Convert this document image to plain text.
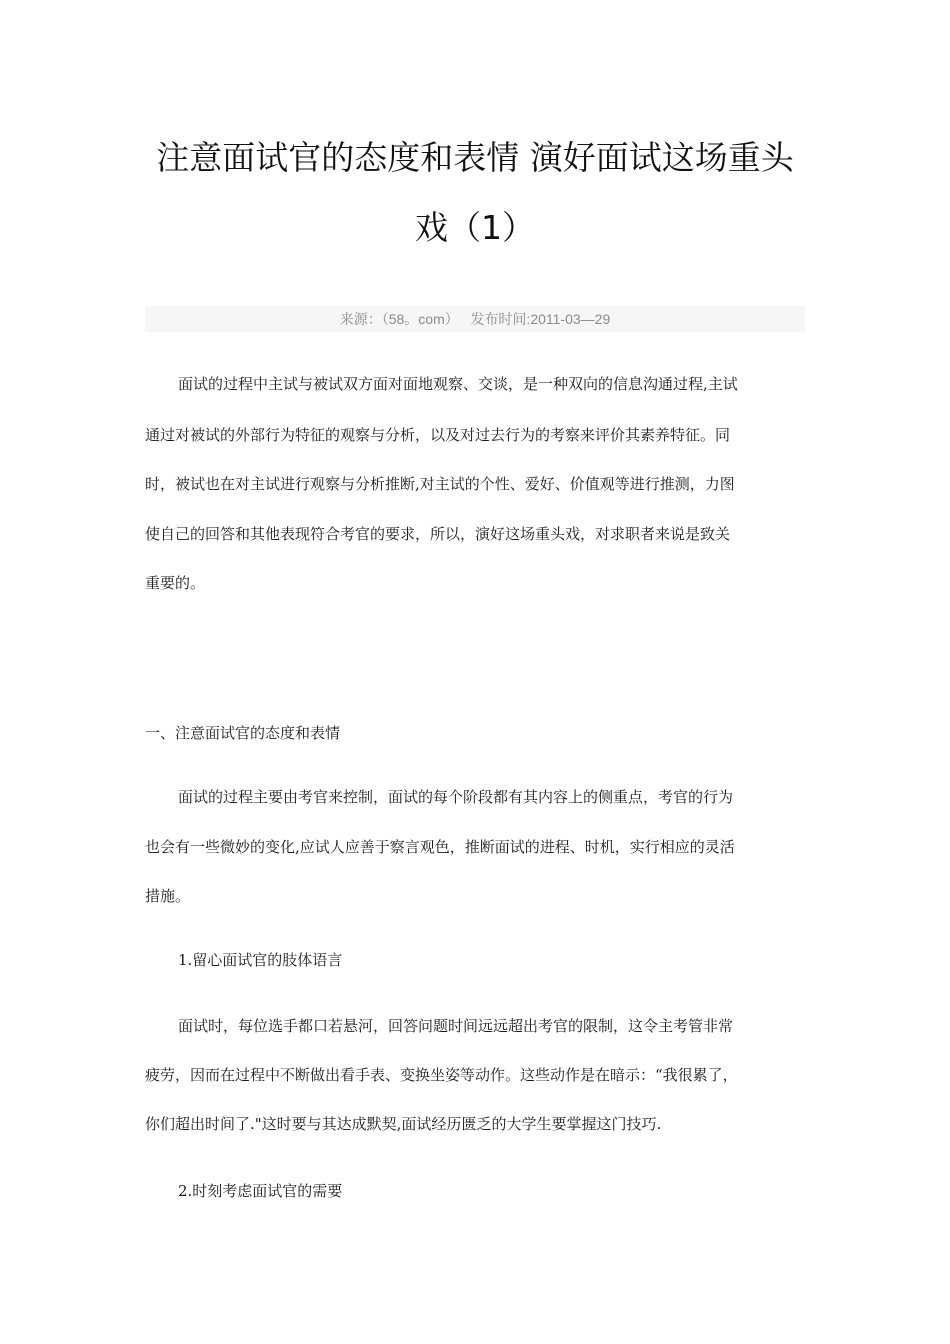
注意面试官的态度和表情 演好面试这场重头
戏（1）
来源：（58。com） 发布时间:2011-03—29
面试的过程中主试与被试双方面对面地观察、交谈，是一种双向的信息沟通过程,主试
通过对被试的外部行为特征的观察与分析，以及对过去行为的考察来评价其素养特征。同
时，被试也在对主试进行观察与分析推断,对主试的个性、爱好、价值观等进行推测，力图
使自己的回答和其他表现符合考官的要求，所以，演好这场重头戏，对求职者来说是致关
重要的。
一、注意面试官的态度和表情
面试的过程主要由考官来控制，面试的每个阶段都有其内容上的侧重点，考官的行为
也会有一些微妙的变化,应试人应善于察言观色，推断面试的进程、时机，实行相应的灵活
措施。
1.留心面试官的肢体语言
面试时，每位选手都口若悬河，回答问题时间远远超出考官的限制，这令主考管非常
疲劳，因而在过程中不断做出看手表、变换坐姿等动作。这些动作是在暗示：“我很累了，
你们超出时间了."这时要与其达成默契,面试经历匮乏的大学生要掌握这门技巧.
2.时刻考虑面试官的需要
